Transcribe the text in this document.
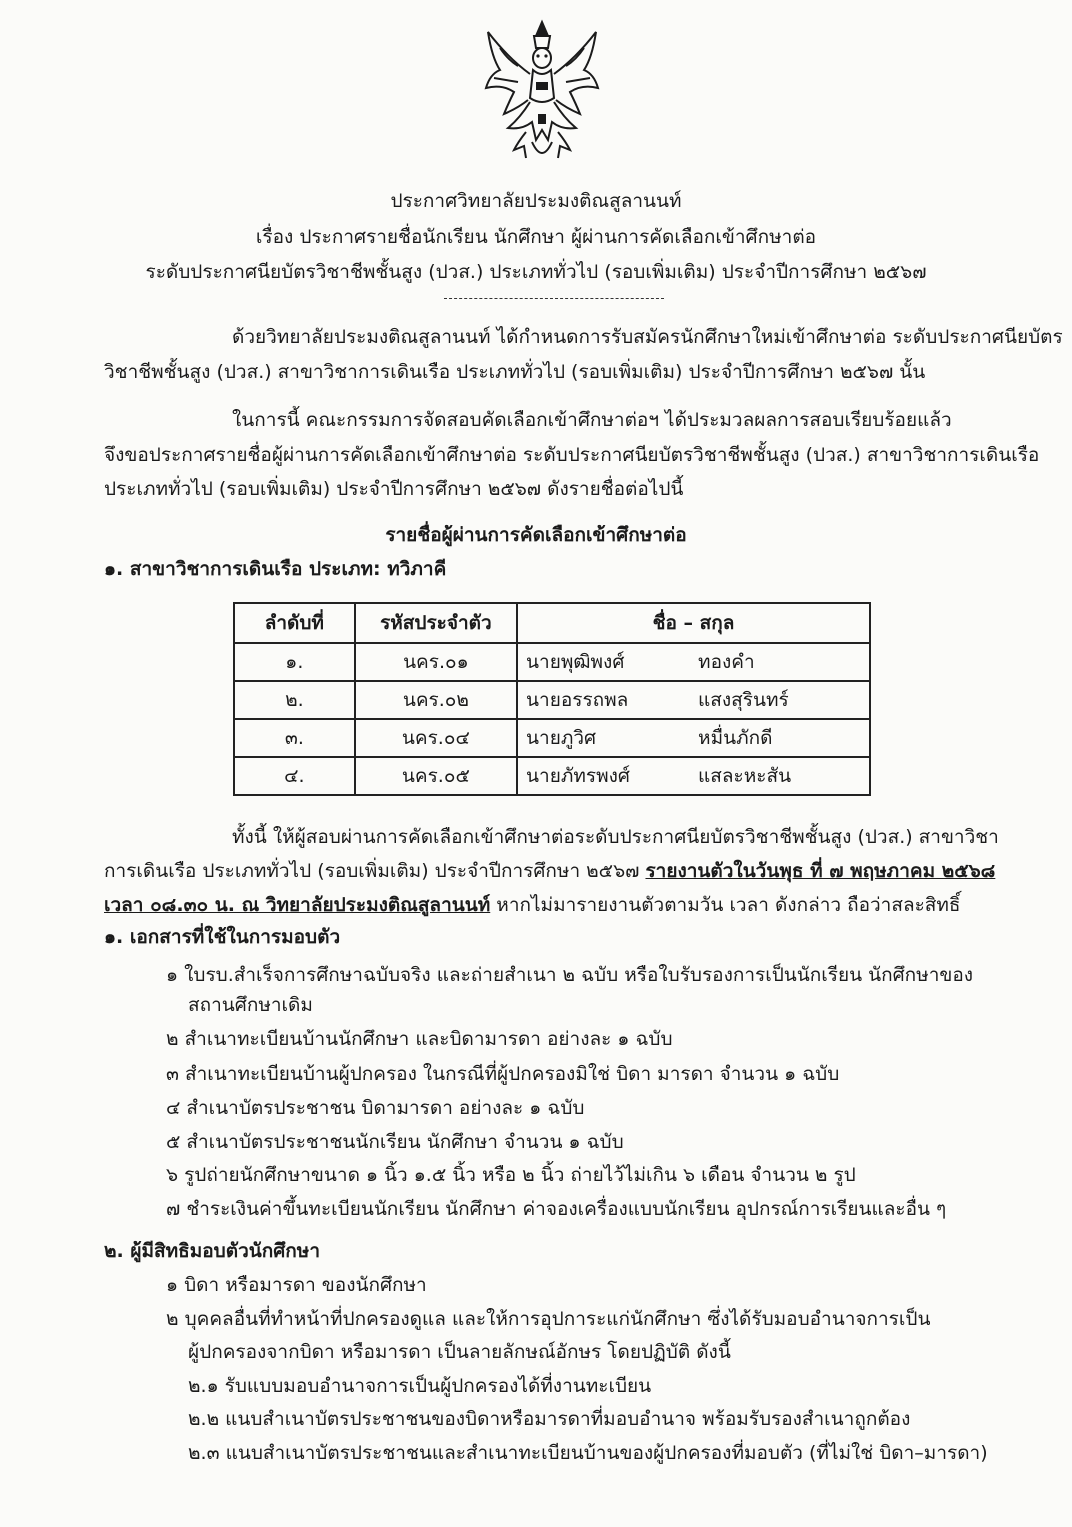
ประกาศวิทยาลัยประมงติณสูลานนท์
เรื่อง ประกาศรายชื่อนักเรียน นักศึกษา ผู้ผ่านการคัดเลือกเข้าศึกษาต่อ
ระดับประกาศนียบัตรวิชาชีพชั้นสูง (ปวส.) ประเภททั่วไป (รอบเพิ่มเติม) ประจำปีการศึกษา ๒๕๖๗
ด้วยวิทยาลัยประมงติณสูลานนท์ ได้กำหนดการรับสมัครนักศึกษาใหม่เข้าศึกษาต่อ ระดับประกาศนียบัตร
วิชาชีพชั้นสูง (ปวส.) สาขาวิชาการเดินเรือ ประเภททั่วไป (รอบเพิ่มเติม) ประจำปีการศึกษา ๒๕๖๗ นั้น
ในการนี้ คณะกรรมการจัดสอบคัดเลือกเข้าศึกษาต่อฯ ได้ประมวลผลการสอบเรียบร้อยแล้ว
จึงขอประกาศรายชื่อผู้ผ่านการคัดเลือกเข้าศึกษาต่อ ระดับประกาศนียบัตรวิชาชีพชั้นสูง (ปวส.) สาขาวิชาการเดินเรือ
ประเภททั่วไป (รอบเพิ่มเติม) ประจำปีการศึกษา ๒๕๖๗ ดังรายชื่อต่อไปนี้
รายชื่อผู้ผ่านการคัดเลือกเข้าศึกษาต่อ
๑. สาขาวิชาการเดินเรือ ประเภท: ทวิภาคี
ลำดับที่	รหัสประจำตัว	ชื่อ – สกุล
๑.	นคร.๐๑	นายพุฒิพงศ์ ทองคำ
๒.	นคร.๐๒	นายอรรถพล แสงสุรินทร์
๓.	นคร.๐๔	นายภูวิศ หมื่นภักดี
๔.	นคร.๐๕	นายภัทรพงศ์ แสละหะสัน
ทั้งนี้ ให้ผู้สอบผ่านการคัดเลือกเข้าศึกษาต่อระดับประกาศนียบัตรวิชาชีพชั้นสูง (ปวส.) สาขาวิชา
การเดินเรือ ประเภททั่วไป (รอบเพิ่มเติม) ประจำปีการศึกษา ๒๕๖๗ รายงานตัวในวันพุธ ที่ ๗ พฤษภาคม ๒๕๖๘
เวลา ๐๘.๓๐ น. ณ วิทยาลัยประมงติณสูลานนท์ หากไม่มารายงานตัวตามวัน เวลา ดังกล่าว ถือว่าสละสิทธิ์
๑. เอกสารที่ใช้ในการมอบตัว
๑ ใบรบ.สำเร็จการศึกษาฉบับจริง และถ่ายสำเนา ๒ ฉบับ หรือใบรับรองการเป็นนักเรียน นักศึกษาของ
สถานศึกษาเดิม
๒ สำเนาทะเบียนบ้านนักศึกษา และบิดามารดา อย่างละ ๑ ฉบับ
๓ สำเนาทะเบียนบ้านผู้ปกครอง ในกรณีที่ผู้ปกครองมิใช่ บิดา มารดา จำนวน ๑ ฉบับ
๔ สำเนาบัตรประชาชน บิดามารดา อย่างละ ๑ ฉบับ
๕ สำเนาบัตรประชาชนนักเรียน นักศึกษา จำนวน ๑ ฉบับ
๖ รูปถ่ายนักศึกษาขนาด ๑ นิ้ว ๑.๕ นิ้ว หรือ ๒ นิ้ว ถ่ายไว้ไม่เกิน ๖ เดือน จำนวน ๒ รูป
๗ ชำระเงินค่าขึ้นทะเบียนนักเรียน นักศึกษา ค่าจองเครื่องแบบนักเรียน อุปกรณ์การเรียนและอื่น ๆ
๒. ผู้มีสิทธิมอบตัวนักศึกษา
๑ บิดา หรือมารดา ของนักศึกษา
๒ บุคคลอื่นที่ทำหน้าที่ปกครองดูแล และให้การอุปการะแก่นักศึกษา ซึ่งได้รับมอบอำนาจการเป็น
ผู้ปกครองจากบิดา หรือมารดา เป็นลายลักษณ์อักษร โดยปฏิบัติ ดังนี้
๒.๑ รับแบบมอบอำนาจการเป็นผู้ปกครองได้ที่งานทะเบียน
๒.๒ แนบสำเนาบัตรประชาชนของบิดาหรือมารดาที่มอบอำนาจ พร้อมรับรองสำเนาถูกต้อง
๒.๓ แนบสำเนาบัตรประชาชนและสำเนาทะเบียนบ้านของผู้ปกครองที่มอบตัว (ที่ไม่ใช่ บิดา–มารดา)
